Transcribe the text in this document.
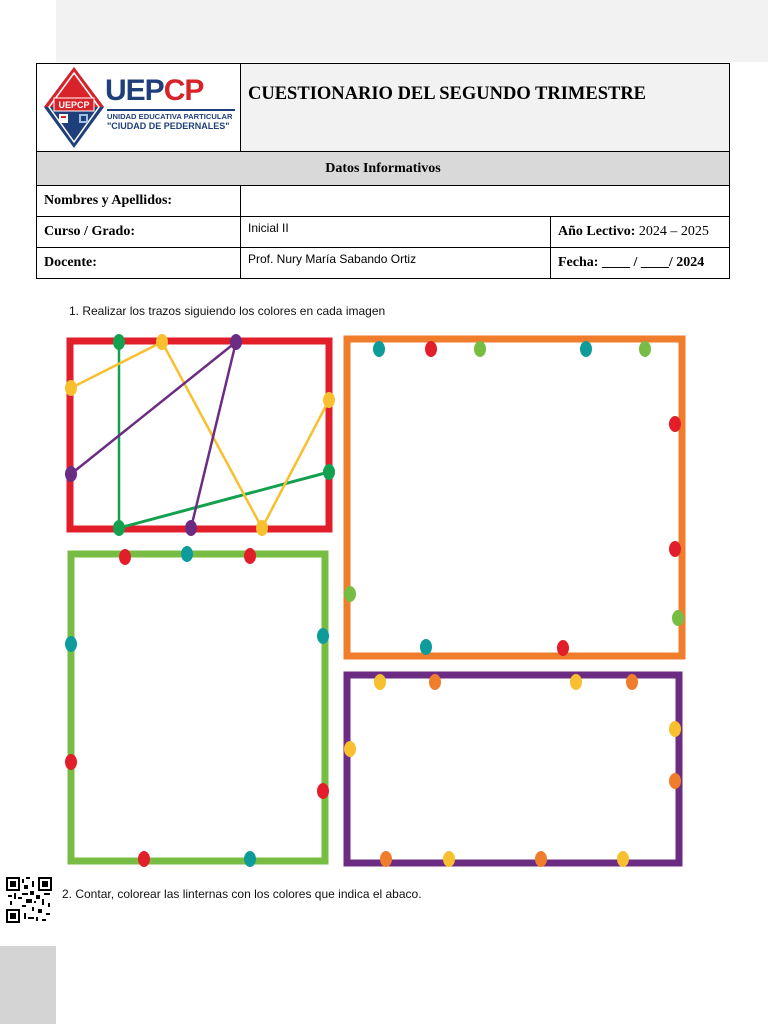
UEPCP UEPCP
UNIDAD EDUCATIVA PARTICULAR
"CIUDAD DE PEDERNALES"	CUESTIONARIO DEL SEGUNDO TRIMESTRE	
Datos Informativos		
Nombres y Apellidos:		
Curso / Grado:	Inicial II	Año Lectivo: 2024 – 2025
Docente:	Prof. Nury María Sabando Ortiz	Fecha: ____ / ____/ 2024
1. Realizar los trazos siguiendo los colores en cada imagen
2. Contar, colorear las linternas con los colores que indica el abaco.
